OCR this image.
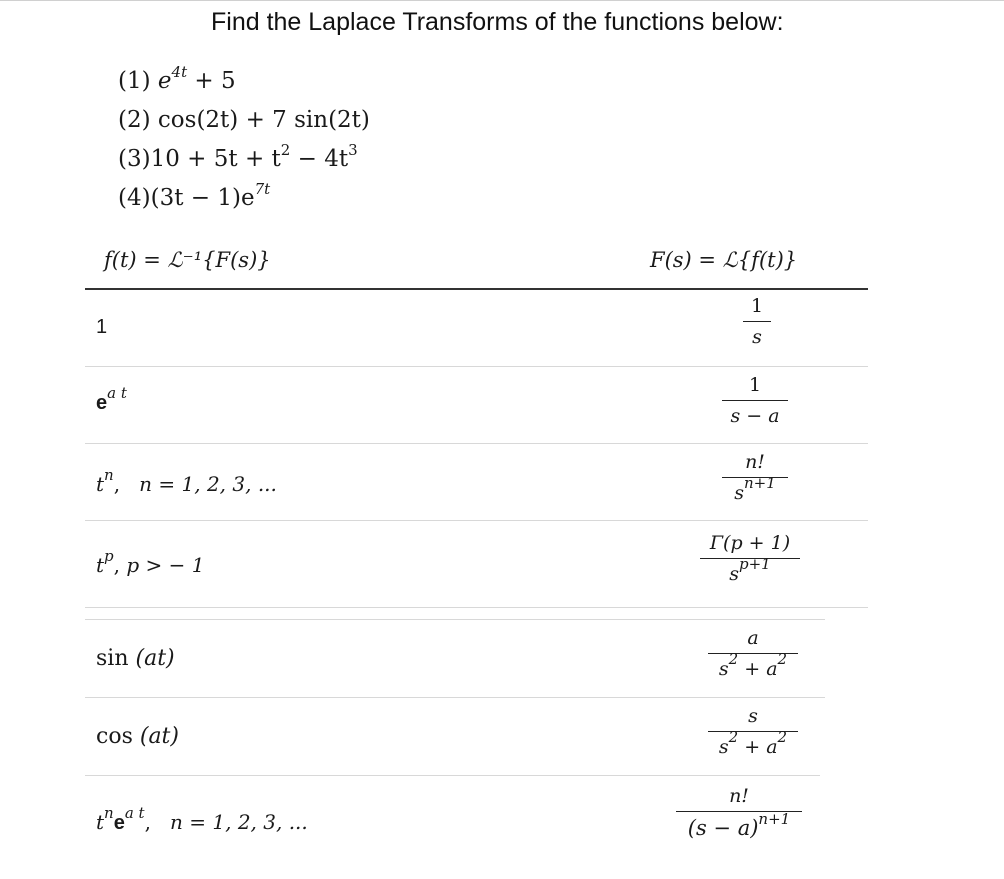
Find the Laplace Transforms of the functions below:
(1) $e^{4t} + 5$
(2) cos(2t) + 7 sin(2t)
$(3)10 + 5t + t^2 - 4t^3$
$(4)(3t - 1)e^{7t}$
f(t) = ℒ⁻¹{F(s)}	F(s) = ℒ{f(t)}
1
1
s
$e^{a t}$	1
s − a
$t^n$, n = 1, 2, 3, ...
n!
$s^{n+1}$
$t^p$, p > − 1
Γ(p + 1)
$s^{p+1}$
sin (at)
a
$s^2 + a^2$
cos (at)
s
$s^2 + a^2$
$t^ne^{a t}$, n = 1, 2, 3, ...
n!
$(s - a)^{n+1}$
